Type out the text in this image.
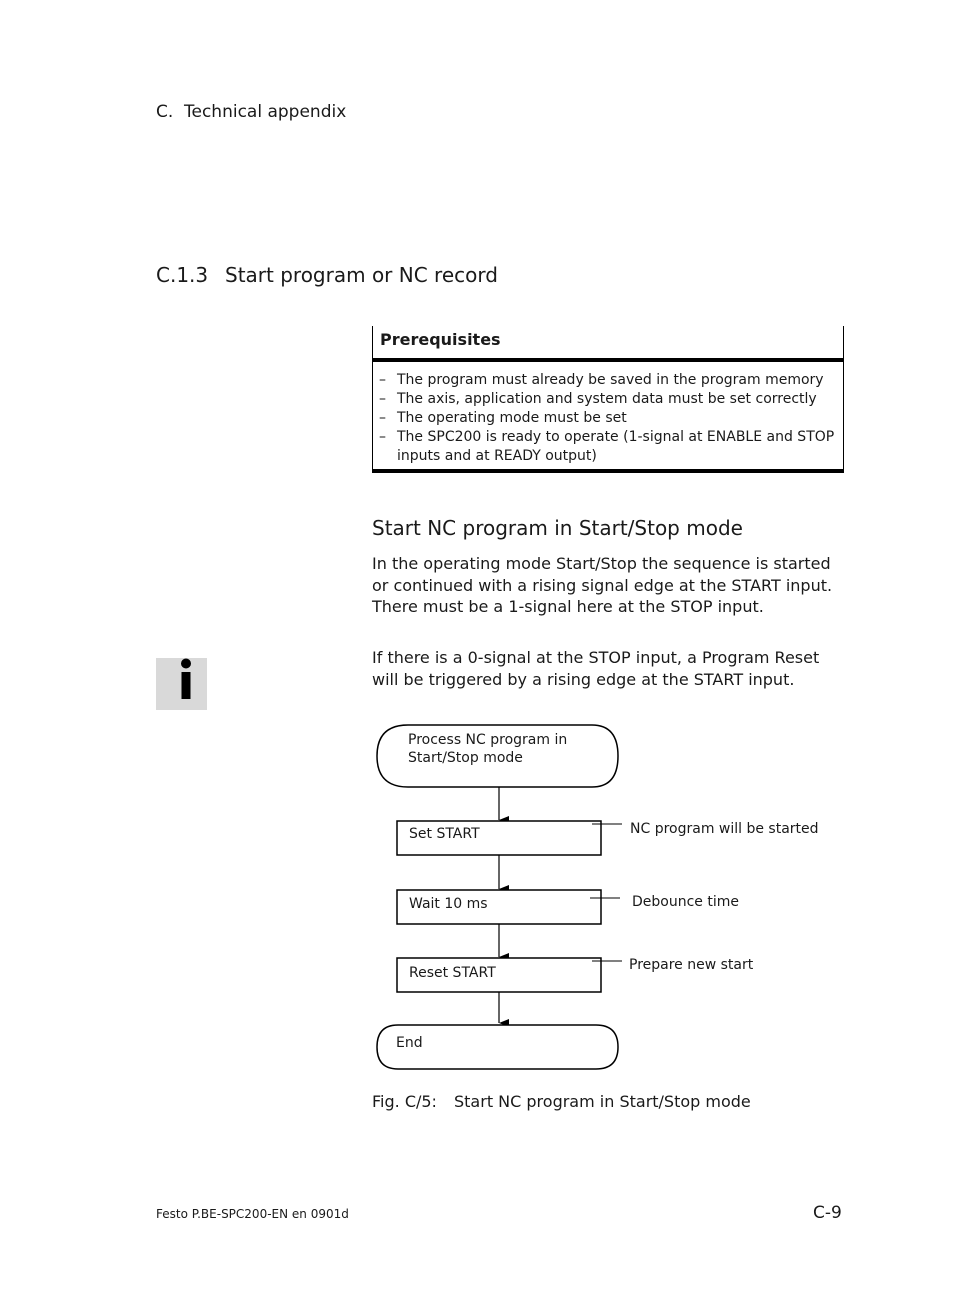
C. Technical appendix
C.1.3 Start program or NC record
Prerequisites
– The program must already be saved in the program memory
– The axis, application and system data must be set correctly
– The operating mode must be set
– The SPC200 is ready to operate (1-signal at ENABLE and STOP inputs and at READY output)
Start NC program in Start/Stop mode
In the operating mode Start/Stop the sequence is started or continued with a rising signal edge at the START input. There must be a 1-signal here at the STOP input.
If there is a 0-signal at the STOP input, a Program Reset will be triggered by a rising edge at the START input.
Process NC program in
Start/Stop mode
Set START	NC program will be started
Wait 10 ms	Debounce time
Reset START	Prepare new start
End
Fig. C/5: Start NC program in Start/Stop mode
Festo P.BE-SPC200-EN en 0901d	C-9
